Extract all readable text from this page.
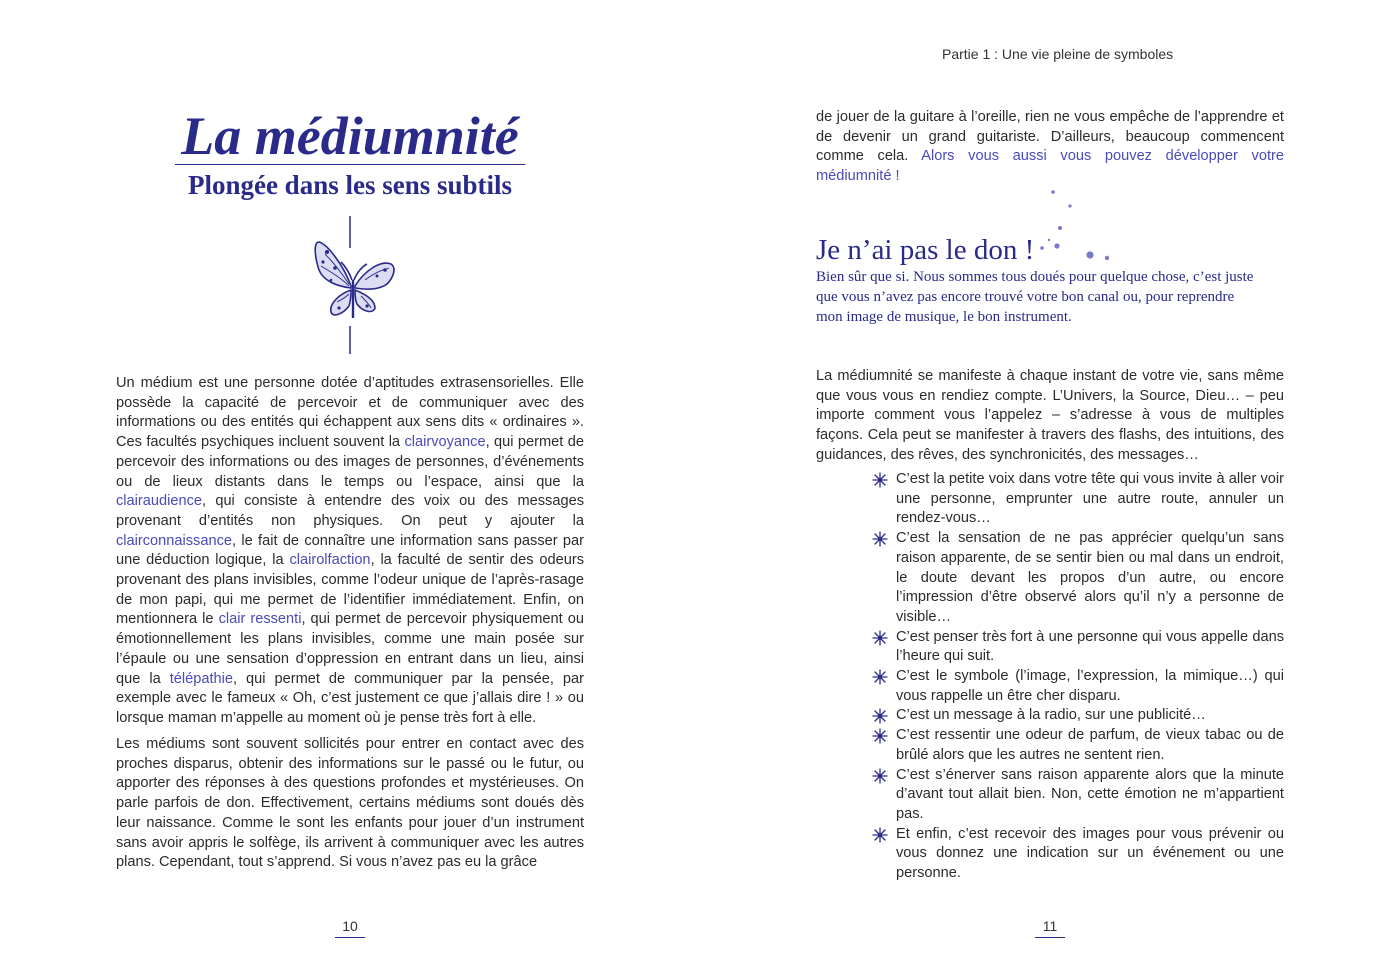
La médiumnité
Plongée dans les sens subtils

Un médium est une personne dotée d’aptitudes extrasensorielles. Elle possède la capacité de percevoir et de communiquer avec des informations ou des entités qui échappent aux sens dits « ordinaires ». Ces facultés psychiques incluent souvent la clairvoyance, qui permet de percevoir des informations ou des images de personnes, d’événements ou de lieux distants dans le temps ou l’espace, ainsi que la clairaudience, qui consiste à entendre des voix ou des messages provenant d’entités non physiques. On peut y ajouter la clairconnaissance, le fait de connaître une information sans passer par une déduction logique, la clairolfaction, la faculté de sentir des odeurs provenant des plans invisibles, comme l’odeur unique de l’après-rasage de mon papi, qui me permet de l’identifier immédiatement. Enfin, on mentionnera le clair ressenti, qui permet de percevoir physiquement ou émotionnellement les plans invisibles, comme une main posée sur l’épaule ou une sensation d’oppression en entrant dans un lieu, ainsi que la télépathie, qui permet de communiquer par la pensée, par exemple avec le fameux « Oh, c’est justement ce que j’allais dire ! » ou lorsque maman m’appelle au moment où je pense très fort à elle.

Les médiums sont souvent sollicités pour entrer en contact avec des proches disparus, obtenir des informations sur le passé ou le futur, ou apporter des réponses à des questions profondes et mystérieuses. On parle parfois de don. Effectivement, certains médiums sont doués dès leur naissance. Comme le sont les enfants pour jouer d’un instrument sans avoir appris le solfège, ils arrivent à communiquer avec les autres plans. Cependant, tout s’apprend. Si vous n’avez pas eu la grâce

10
Partie 1 : Une vie pleine de symboles

de jouer de la guitare à l’oreille, rien ne vous empêche de l’apprendre et de devenir un grand guitariste. D’ailleurs, beaucoup commencent comme cela. Alors vous aussi vous pouvez développer votre médiumnité !

Je n’ai pas le don !

Bien sûr que si. Nous sommes tous doués pour quelque chose, c’est juste que vous n’avez pas encore trouvé votre bon canal ou, pour reprendre mon image de musique, le bon instrument.

La médiumnité se manifeste à chaque instant de votre vie, sans même que vous vous en rendiez compte. L’Univers, la Source, Dieu… – peu importe comment vous l’appelez – s’adresse à vous de multiples façons. Cela peut se manifester à travers des flashs, des intuitions, des guidances, des rêves, des synchronicités, des messages…

C’est la petite voix dans votre tête qui vous invite à aller voir une personne, emprunter une autre route, annuler un rendez-vous…
C’est la sensation de ne pas apprécier quelqu’un sans raison apparente, de se sentir bien ou mal dans un endroit, le doute devant les propos d’un autre, ou encore l’impression d’être observé alors qu’il n’y a personne de visible…
C’est penser très fort à une personne qui vous appelle dans l’heure qui suit.
C’est le symbole (l’image, l’expression, la mimique…) qui vous rappelle un être cher disparu.
C’est un message à la radio, sur une publicité…
C’est ressentir une odeur de parfum, de vieux tabac ou de brûlé alors que les autres ne sentent rien.
C’est s’énerver sans raison apparente alors que la minute d’avant tout allait bien. Non, cette émotion ne m’appartient pas.
Et enfin, c’est recevoir des images pour vous prévenir ou vous donnez une indication sur un événement ou une personne.
11
